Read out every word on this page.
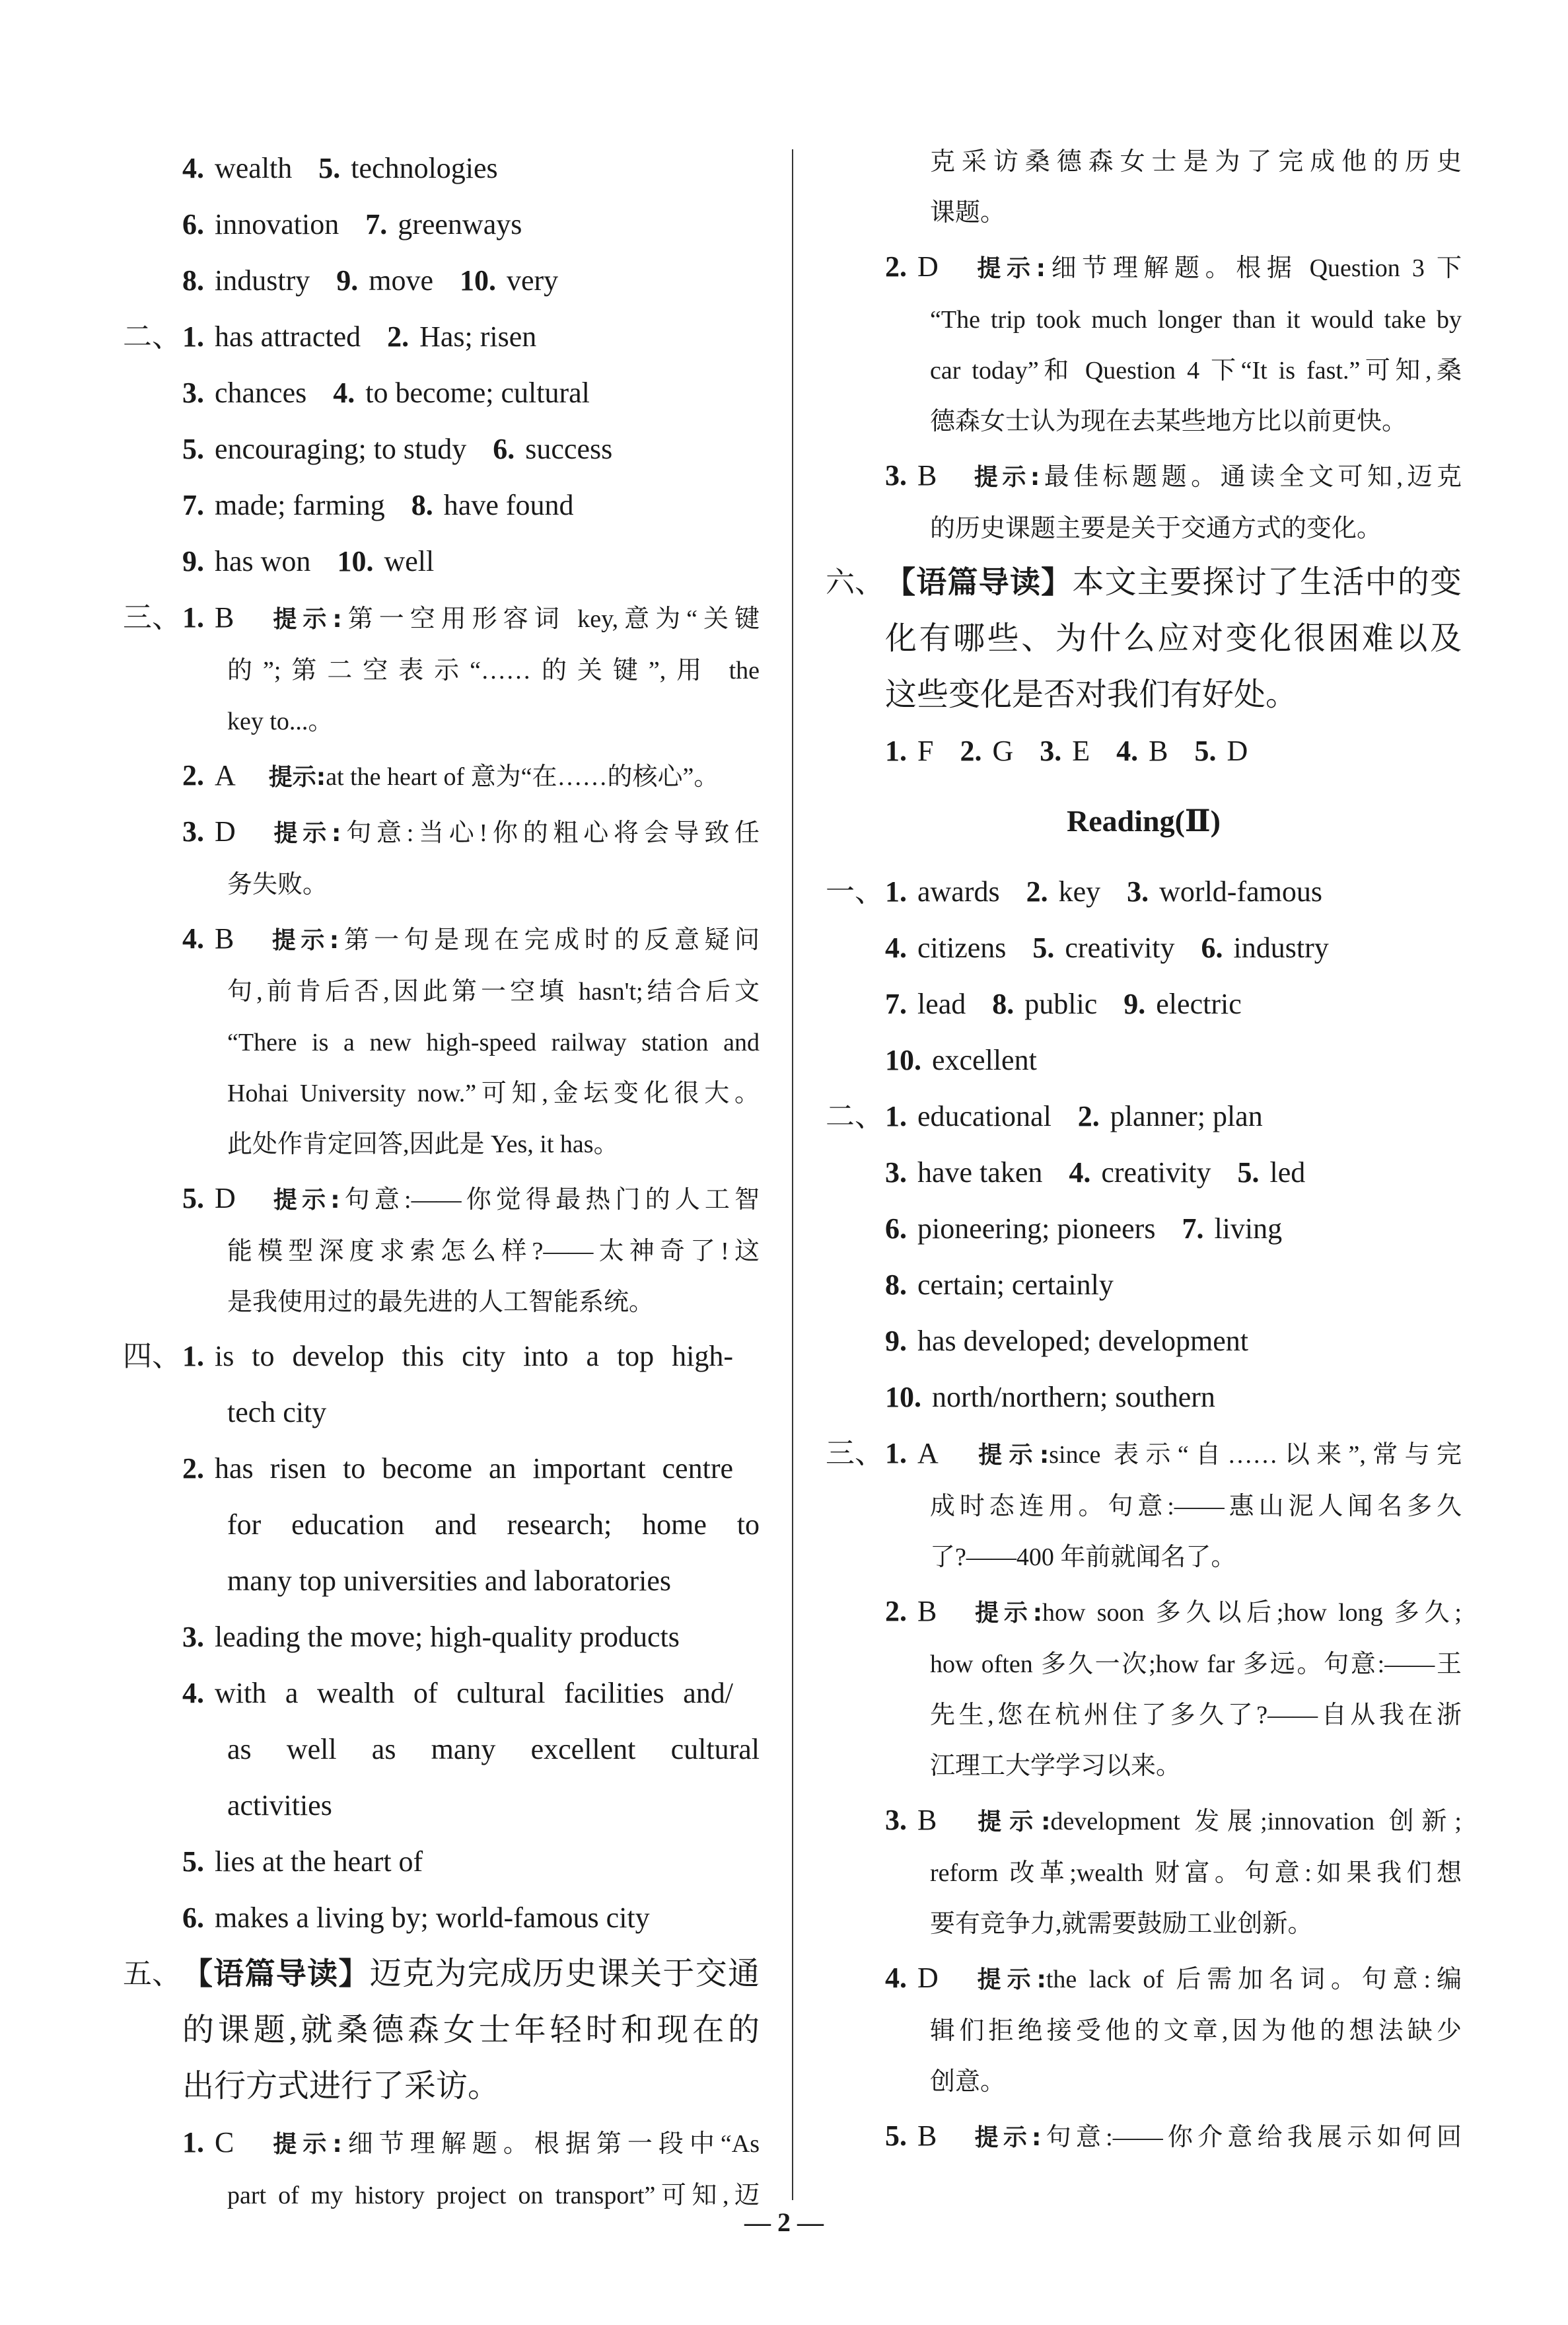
4. wealth 5. technologies
6. innovation 7. greenways
8. industry 9. move 10. very
二、 1. has attracted 2. Has; risen
3. chances 4. to become; cultural
5. encouraging; to study 6. success
7. made; farming 8. have found
9. has won 10. well
三、 1. B 提示:第一空用形容词 key,意为“关键
的”;第二空表示“……的关键”,用 the
key to...。
2. A 提示:at the heart of 意为“在……的核心”。
3. D 提示:句意:当心!你的粗心将会导致任
务失败。
4. B 提示:第一句是现在完成时的反意疑问
句,前肯后否,因此第一空填 hasn't;结合后文
“There is a new high-speed railway station and
Hohai University now.”可知,金坛变化很大。
此处作肯定回答,因此是 Yes, it has。
5. D 提示:句意:——你觉得最热门的人工智
能模型深度求索怎么样?——太神奇了!这
是我使用过的最先进的人工智能系统。
四、 1. is to develop this city into a top high-
tech city
2. has risen to become an important centre
for education and research; home to
many top universities and laboratories
3. leading the move; high-quality products
4. with a wealth of cultural facilities and/
as well as many excellent cultural
activities
5. lies at the heart of
6. makes a living by; world-famous city
五、 【语篇导读】迈克为完成历史课关于交通
的课题,就桑德森女士年轻时和现在的
出行方式进行了采访。
1. C 提示:细节理解题。根据第一段中“As
part of my history project on transport”可知,迈
克采访桑德森女士是为了完成他的历史
课题。
2. D 提示:细节理解题。根据 Question 3 下
“The trip took much longer than it would take by
car today”和 Question 4 下“It is fast.”可知,桑
德森女士认为现在去某些地方比以前更快。
3. B 提示:最佳标题题。通读全文可知,迈克
的历史课题主要是关于交通方式的变化。
六、 【语篇导读】本文主要探讨了生活中的变
化有哪些、为什么应对变化很困难以及
这些变化是否对我们有好处。
1. F 2. G 3. E 4. B 5. D
Reading(Ⅱ)
一、 1. awards 2. key 3. world-famous
4. citizens 5. creativity 6. industry
7. lead 8. public 9. electric
10. excellent
二、 1. educational 2. planner; plan
3. have taken 4. creativity 5. led
6. pioneering; pioneers 7. living
8. certain; certainly
9. has developed; development
10. north/northern; southern
三、 1. A 提示:since 表示“自……以来”,常与完
成时态连用。句意:——惠山泥人闻名多久
了?——400 年前就闻名了。
2. B 提示:how soon 多久以后;how long 多久;
how often 多久一次;how far 多远。句意:——王
先生,您在杭州住了多久了?——自从我在浙
江理工大学学习以来。
3. B 提示:development 发展;innovation 创新;
reform 改革;wealth 财富。句意:如果我们想
要有竞争力,就需要鼓励工业创新。
4. D 提示:the lack of 后需加名词。句意:编
辑们拒绝接受他的文章,因为他的想法缺少
创意。
5. B 提示:句意:——你介意给我展示如何回
— 2 —
